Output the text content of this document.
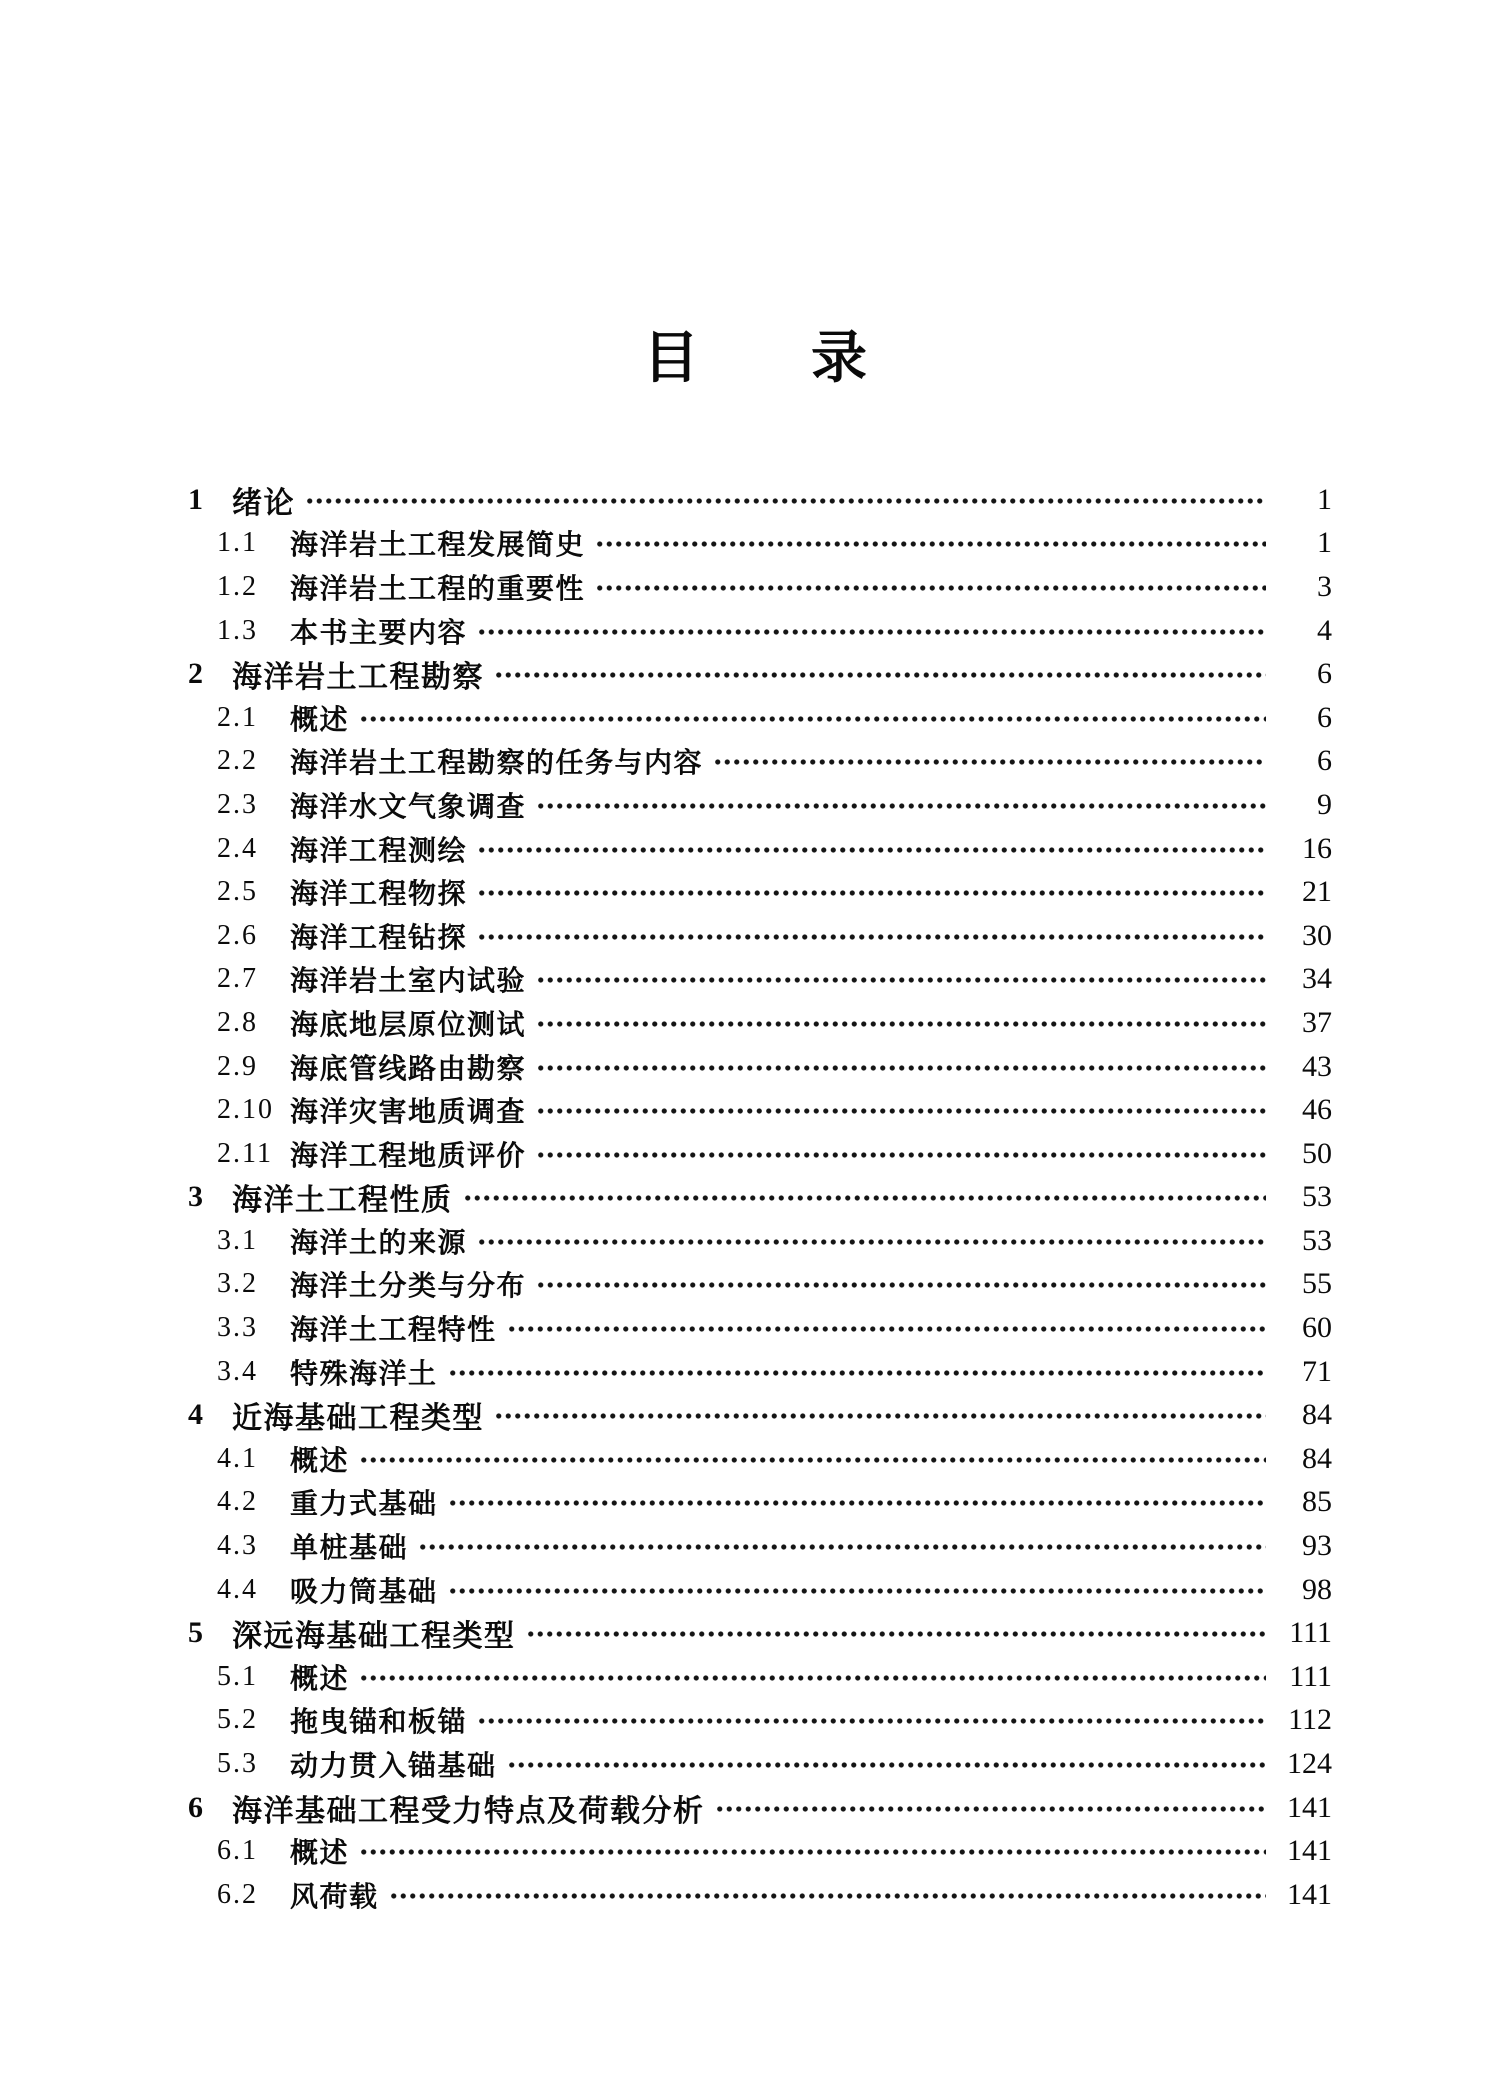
目　　录
1 绪论	1
1.1	海洋岩土工程发展简史	1
1.2	海洋岩土工程的重要性	3
1.3	本书主要内容	4
2 海洋岩土工程勘察	6
2.1	概述	6
2.2	海洋岩土工程勘察的任务与内容	6
2.3	海洋水文气象调查	9
2.4	海洋工程测绘	16
2.5	海洋工程物探	21
2.6	海洋工程钻探	30
2.7	海洋岩土室内试验	34
2.8	海底地层原位测试	37
2.9	海底管线路由勘察	43
2.10 海洋灾害地质调查	46
2.11 海洋工程地质评价	50
3 海洋土工程性质	53
3.1	海洋土的来源	53
3.2	海洋土分类与分布	55
3.3	海洋土工程特性	60
3.4	特殊海洋土	71
4 近海基础工程类型	84
4.1	概述	84
4.2	重力式基础	85
4.3	单桩基础	93
4.4	吸力筒基础	98
5 深远海基础工程类型	111
5.1	概述	111
5.2	拖曳锚和板锚	112
5.3	动力贯入锚基础	124
6 海洋基础工程受力特点及荷载分析	141
6.1	概述	141
6.2	风荷载	141
